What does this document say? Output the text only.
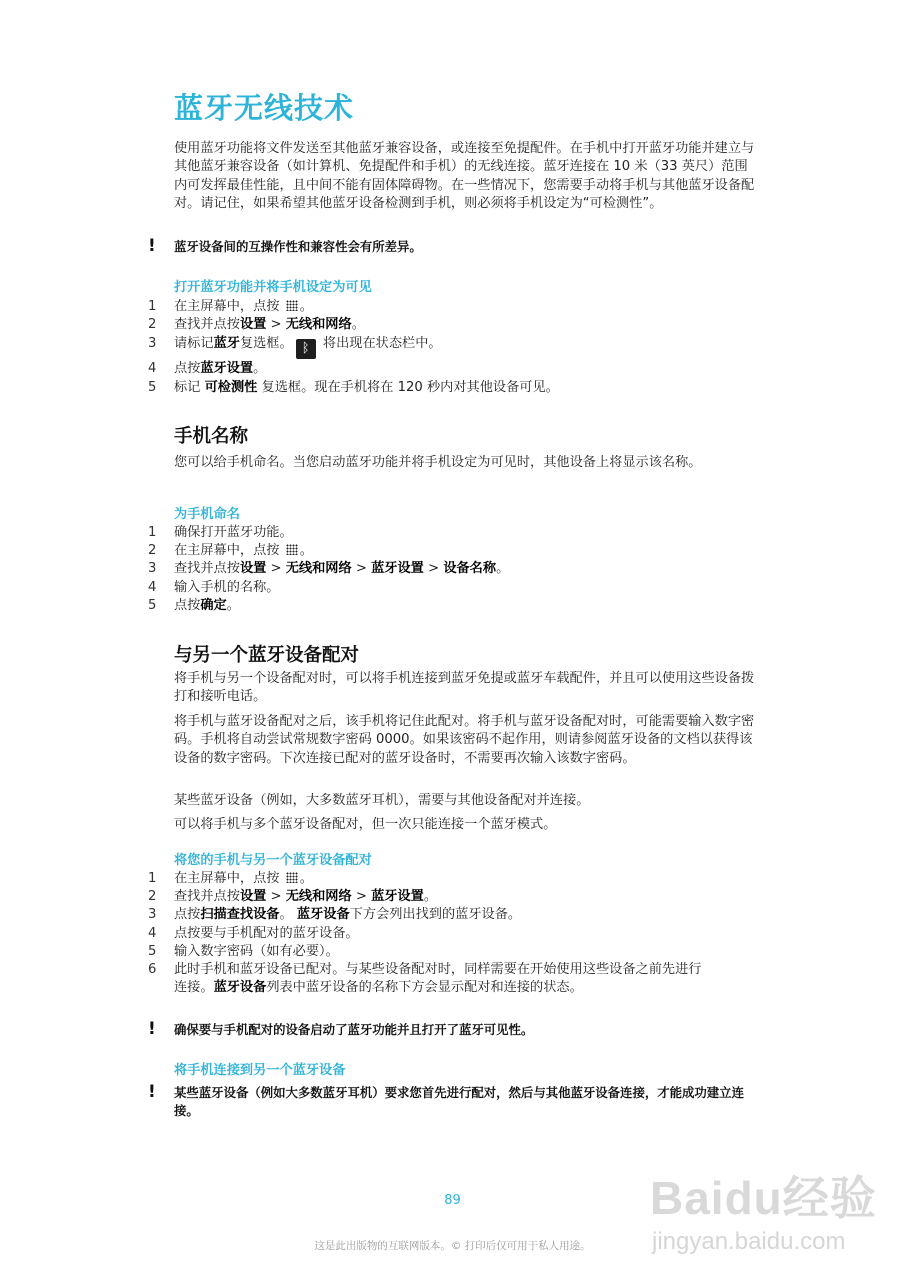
蓝牙无线技术
使用蓝牙功能将文件发送至其他蓝牙兼容设备，或连接至免提配件。在手机中打开蓝牙功能并建立与其他蓝牙兼容设备（如计算机、免提配件和手机）的无线连接。蓝牙连接在 10 米（33 英尺）范围内可发挥最佳性能，且中间不能有固体障碍物。在一些情况下，您需要手动将手机与其他蓝牙设备配对。请记住，如果希望其他蓝牙设备检测到手机，则必须将手机设定为“可检测性”。
! 蓝牙设备间的互操作性和兼容性会有所差异。
打开蓝牙功能并将手机设定为可见
1	在主屏幕中，点按 。
2	查找并点按设置 > 无线和网络。
3	请标记蓝牙复选框。 ᛒ 将出现在状态栏中。
4	点按蓝牙设置。
5	标记 可检测性 复选框。现在手机将在 120 秒内对其他设备可见。
手机名称
您可以给手机命名。当您启动蓝牙功能并将手机设定为可见时，其他设备上将显示该名称。
为手机命名
1	确保打开蓝牙功能。
2	在主屏幕中，点按 。
3	查找并点按设置 > 无线和网络 > 蓝牙设置 > 设备名称。
4	输入手机的名称。
5	点按确定。
与另一个蓝牙设备配对
将手机与另一个设备配对时，可以将手机连接到蓝牙免提或蓝牙车载配件，并且可以使用这些设备拨打和接听电话。
将手机与蓝牙设备配对之后，该手机将记住此配对。将手机与蓝牙设备配对时，可能需要输入数字密码。手机将自动尝试常规数字密码 0000。如果该密码不起作用，则请参阅蓝牙设备的文档以获得该设备的数字密码。下次连接已配对的蓝牙设备时，不需要再次输入该数字密码。
某些蓝牙设备（例如，大多数蓝牙耳机），需要与其他设备配对并连接。
可以将手机与多个蓝牙设备配对，但一次只能连接一个蓝牙模式。
将您的手机与另一个蓝牙设备配对
1	在主屏幕中，点按 。
2	查找并点按设置 > 无线和网络 > 蓝牙设置。
3	点按扫描查找设备。 蓝牙设备下方会列出找到的蓝牙设备。
4	点按要与手机配对的蓝牙设备。
5	输入数字密码（如有必要）。
6	此时手机和蓝牙设备已配对。与某些设备配对时，同样需要在开始使用这些设备之前先进行连接。蓝牙设备列表中蓝牙设备的名称下方会显示配对和连接的状态。
! 确保要与手机配对的设备启动了蓝牙功能并且打开了蓝牙可见性。
将手机连接到另一个蓝牙设备
! 某些蓝牙设备（例如大多数蓝牙耳机）要求您首先进行配对，然后与其他蓝牙设备连接，才能成功建立连接。
89
这是此出版物的互联网版本。© 打印后仅可用于私人用途。
Baidu经验
jingyan.baidu.com
